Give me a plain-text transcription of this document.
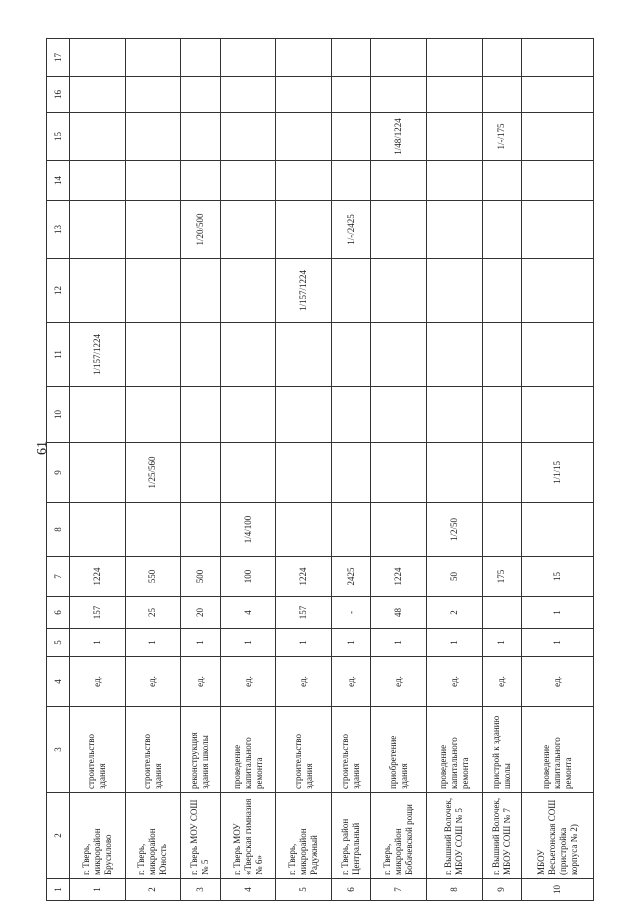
61
1	2	3	4	5	6	7	8	9	10	11	12	13	14	15	16	17
1	г. Тверь, микрорайон Брусилово	строительство здания	ед.	1	157	1224				1/157/1224						
2	г. Тверь, микрорайон Юность	строительство здания	ед.	1	25	550		1/25/560								
3	г. Тверь МОУ СОШ № 5	реконструкция здания школы	ед.	1	20	500						1/20/500				
4	г. Тверь МОУ «Тверская гимназия № 6»	проведение капитального ремонта	ед.	1	4	100	1/4/100									
5	г. Тверь, микрорайон Радужный	строительство здания	ед.	1	157	1224					1/157/1224					
6	г. Тверь, район Центральный	строительство здания	ед.	1	-	2425						1/-/2425				
7	г. Тверь, микрорайон Бобачевской рощи	приобретение здания	ед.	1	48	1224								1/48/1224		
8	г. Вышний Волочек, МБОУ СОШ № 5	проведение капитального ремонта	ед.	1	2	50	1/2/50									
9	г. Вышний Волочек, МБОУ СОШ № 7	пристрой к зданию школы	ед.	1		175								1/-/175		
10	МБОУ Весьегонская СОШ (пристройка корпуса № 2)	проведение капитального ремонта	ед.	1	1	15		1/1/15								
